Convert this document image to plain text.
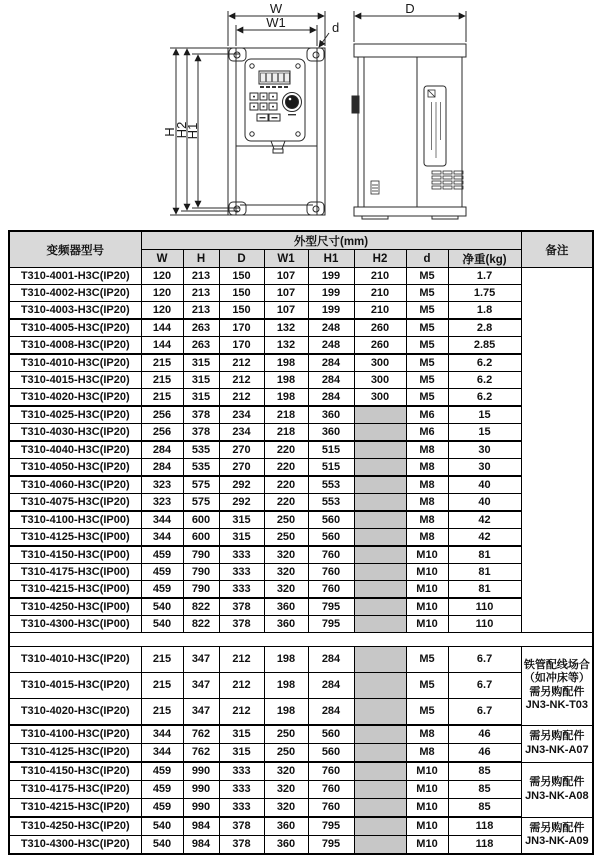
W
W1	d
H
H2
H1
D
变频器型号	外型尺寸(mm)								备注
	W	H	D	W1	H1	H2	d	净重(kg)	
T310-4001-H3C(IP20)	120	213	150	107	199	210	M5	1.7	
T310-4002-H3C(IP20)	120	213	150	107	199	210	M5	1.75	
T310-4003-H3C(IP20)	120	213	150	107	199	210	M5	1.8	
T310-4005-H3C(IP20)	144	263	170	132	248	260	M5	2.8	
T310-4008-H3C(IP20)	144	263	170	132	248	260	M5	2.85	
T310-4010-H3C(IP20)	215	315	212	198	284	300	M5	6.2	
T310-4015-H3C(IP20)	215	315	212	198	284	300	M5	6.2	
T310-4020-H3C(IP20)	215	315	212	198	284	300	M5	6.2	
T310-4025-H3C(IP20)	256	378	234	218	360		M6	15	
T310-4030-H3C(IP20)	256	378	234	218	360		M6	15	
T310-4040-H3C(IP20)	284	535	270	220	515		M8	30	
T310-4050-H3C(IP20)	284	535	270	220	515		M8	30	
T310-4060-H3C(IP20)	323	575	292	220	553		M8	40	
T310-4075-H3C(IP20)	323	575	292	220	553		M8	40	
T310-4100-H3C(IP00)	344	600	315	250	560		M8	42	
T310-4125-H3C(IP00)	344	600	315	250	560		M8	42	
T310-4150-H3C(IP00)	459	790	333	320	760		M10	81	
T310-4175-H3C(IP00)	459	790	333	320	760		M10	81	
T310-4215-H3C(IP00)	459	790	333	320	760		M10	81	
T310-4250-H3C(IP00)	540	822	378	360	795		M10	110	
T310-4300-H3C(IP00)	540	822	378	360	795		M10	110	

T310-4010-H3C(IP20)	215	347	212	198	284		M5	6.7	铁管配线场合
（如冲床等）
需另购配件
JN3-NK-T03

T310-4015-H3C(IP20)	215	347	212	198	284		M5	6.7	
T310-4020-H3C(IP20)	215	347	212	198	284		M5	6.7	
T310-4100-H3C(IP20)	344	762	315	250	560		M8	46	需另购配件
JN3-NK-A07

T310-4125-H3C(IP20)	344	762	315	250	560		M8	46	
T310-4150-H3C(IP20)	459	990	333	320	760		M10	85	需另购配件
JN3-NK-A08

T310-4175-H3C(IP20)	459	990	333	320	760		M10	85	
T310-4215-H3C(IP20)	459	990	333	320	760		M10	85	
T310-4250-H3C(IP20)	540	984	378	360	795		M10	118	需另购配件
JN3-NK-A09

T310-4300-H3C(IP20)	540	984	378	360	795		M10	118	
